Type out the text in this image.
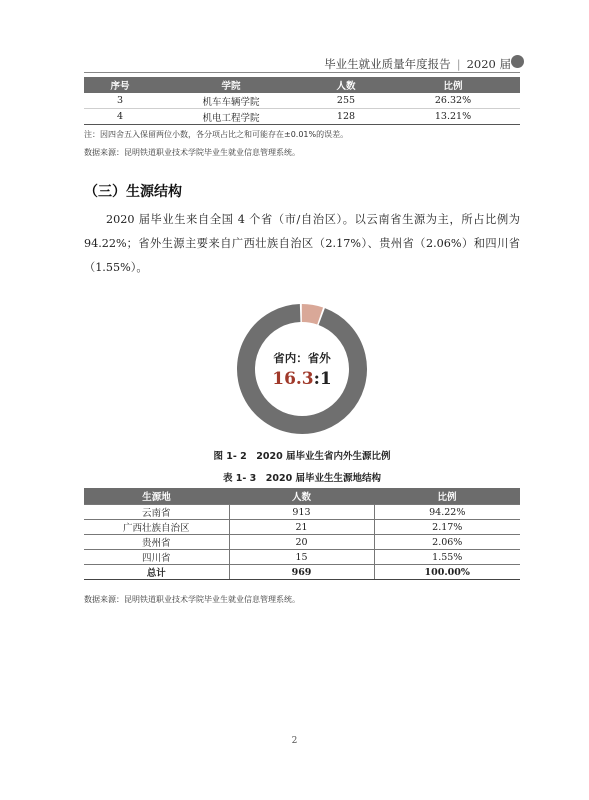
毕业生就业质量年度报告 | 2020 届
序号	学院	人数	比例
3	机车车辆学院	255	26.32%
4	机电工程学院	128	13.21%
注：因四舍五入保留两位小数，各分项占比之和可能存在±0.01%的误差。
数据来源：昆明铁道职业技术学院毕业生就业信息管理系统。
（三）生源结构

2020 届毕业生来自全国 4 个省（市/自治区）。以云南省生源为主，所占比例为 94.22%；省外生源主要来自广西壮族自治区（2.17%）、贵州省（2.06%）和四川省（1.55%）。

省内：省外
16.3:1
图 1- 2　2020 届毕业生省内外生源比例
表 1- 3　2020 届毕业生生源地结构
生源地	人数	比例
云南省	913	94.22%
广西壮族自治区	21	2.17%
贵州省	20	2.06%
四川省	15	1.55%
总计	969	100.00%
数据来源：昆明铁道职业技术学院毕业生就业信息管理系统。
2
